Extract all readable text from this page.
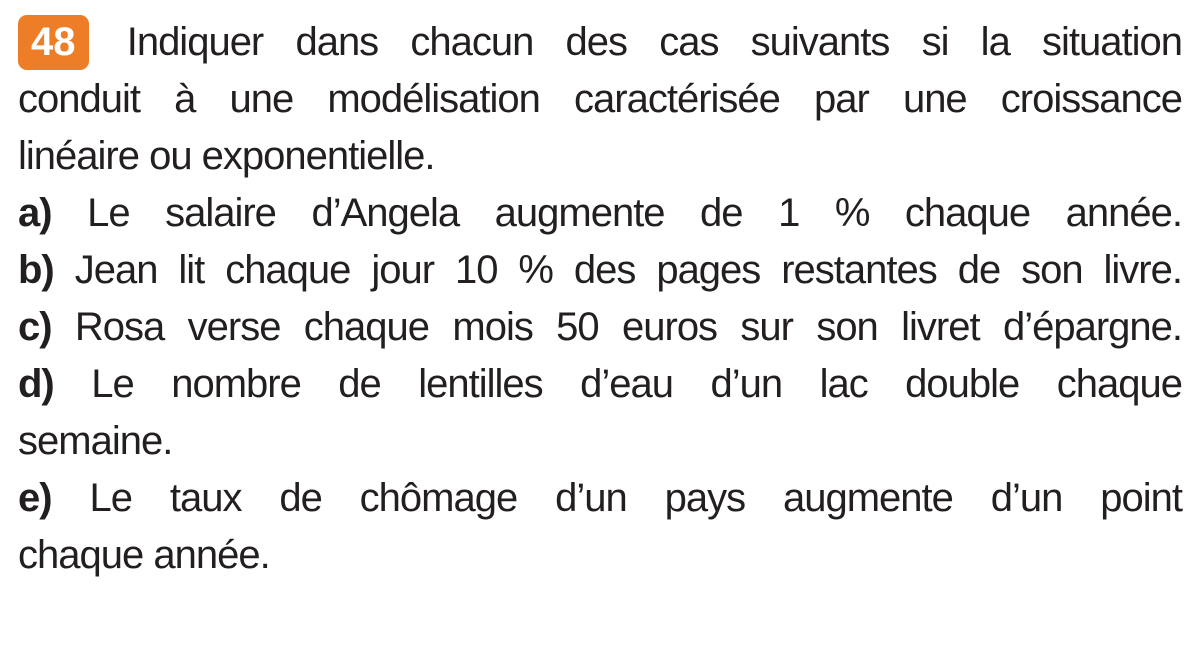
48 Indiquer dans chacun des cas suivants si la situation

conduit à une modélisation caractérisée par une croissance

linéaire ou exponentielle.

a) Le salaire d’Angela augmente de 1 % chaque année.

b) Jean lit chaque jour 10 % des pages restantes de son livre.

c) Rosa verse chaque mois 50 euros sur son livret d’épargne.

d) Le nombre de lentilles d’eau d’un lac double chaque

semaine.

e) Le taux de chômage d’un pays augmente d’un point

chaque année.
